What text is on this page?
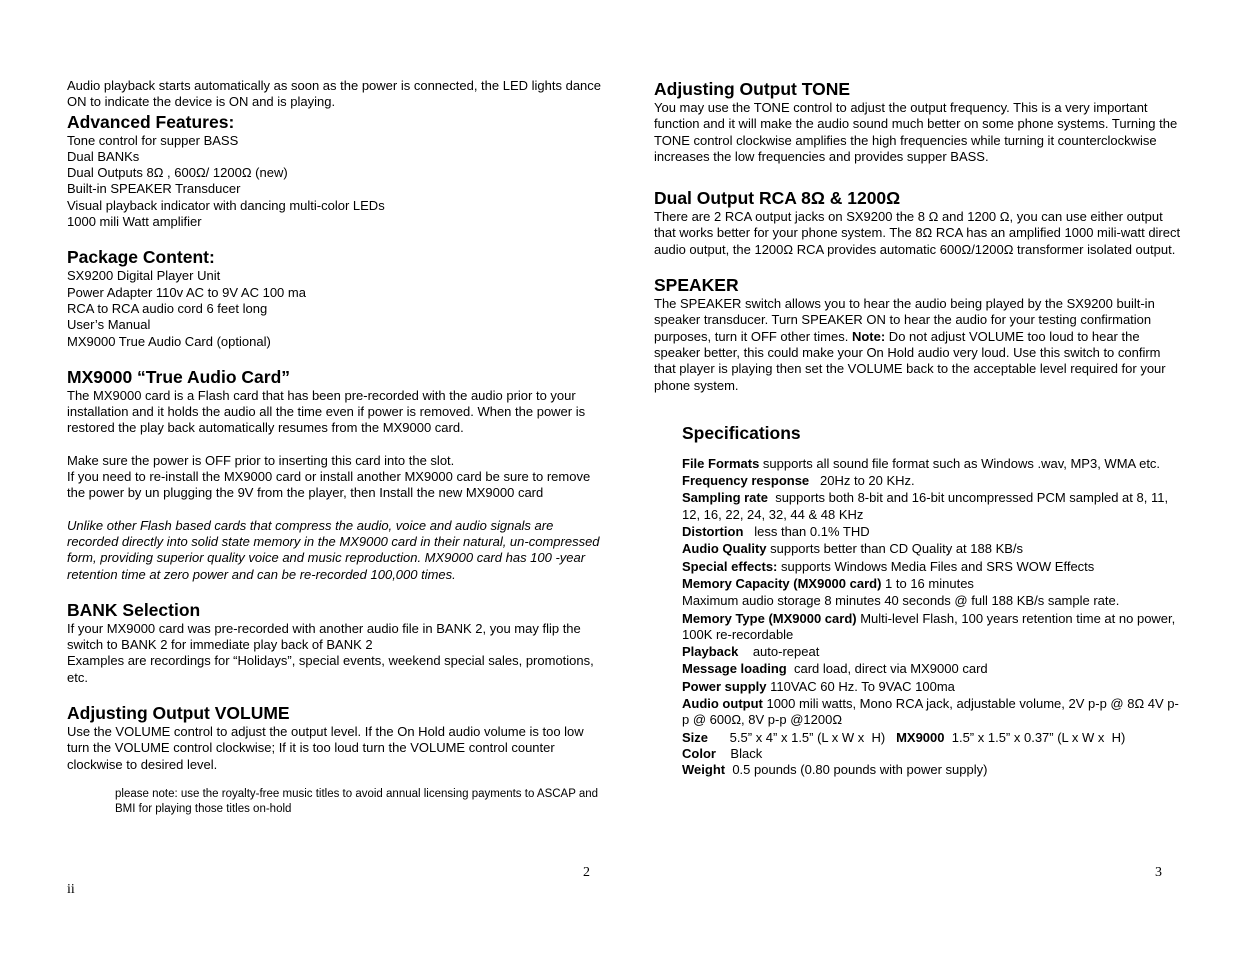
Audio playback starts automatically as soon as the power is connected, the LED lights dance ON to indicate the device is ON and is playing.

Advanced Features:

Tone control for supper BASS

Dual BANKs

Dual Outputs 8Ω , 600Ω/ 1200Ω (new)

Built-in SPEAKER Transducer

Visual playback indicator with dancing multi-color LEDs

1000 mili Watt amplifier

Package Content:

SX9200 Digital Player Unit

Power Adapter 110v AC to 9V AC 100 ma

RCA to RCA audio cord 6 feet long

User’s Manual

MX9000 True Audio Card (optional)

MX9000 “True Audio Card”

The MX9000 card is a Flash card that has been pre-recorded with the audio prior to your installation and it holds the audio all the time even if power is removed. When the power is restored the play back automatically resumes from the MX9000 card.

Make sure the power is OFF prior to inserting this card into the slot.

If you need to re-install the MX9000 card or install another MX9000 card be sure to remove the power by un plugging the 9V from the player, then Install the new MX9000 card

Unlike other Flash based cards that compress the audio, voice and audio signals are recorded directly into solid state memory in the MX9000 card in their natural, un-compressed form, providing superior quality voice and music reproduction. MX9000 card has 100 -year retention time at zero power and can be re-recorded 100,000 times.

BANK Selection

If your MX9000 card was pre-recorded with another audio file in BANK 2, you may flip the switch to BANK 2 for immediate play back of BANK 2

Examples are recordings for “Holidays”, special events, weekend special sales, promotions, etc.

Adjusting Output VOLUME

Use the VOLUME control to adjust the output level. If the On Hold audio volume is too low turn the VOLUME control clockwise; If it is too loud turn the VOLUME control counter clockwise to desired level.

please note: use the royalty-free music titles to avoid annual licensing payments to ASCAP and BMI for playing those titles on-hold

2
ii
Adjusting Output TONE

You may use the TONE control to adjust the output frequency. This is a very important function and it will make the audio sound much better on some phone systems. Turning the TONE control clockwise amplifies the high frequencies while turning it counterclockwise increases the low frequencies and provides supper BASS.

Dual Output RCA 8Ω & 1200Ω

There are 2 RCA output jacks on SX9200 the 8 Ω and 1200 Ω, you can use either output that works better for your phone system. The 8Ω RCA has an amplified 1000 mili-watt direct audio output, the 1200Ω RCA provides automatic 600Ω/1200Ω transformer isolated output.

SPEAKER

The SPEAKER switch allows you to hear the audio being played by the SX9200 built-in speaker transducer. Turn SPEAKER ON to hear the audio for your testing confirmation purposes, turn it OFF other times. Note: Do not adjust VOLUME too loud to hear the speaker better, this could make your On Hold audio very loud. Use this switch to confirm that player is playing then set the VOLUME back to the acceptable level required for your phone system.

Specifications

File Formats supports all sound file format such as Windows .wav, MP3, WMA etc.

Frequency response   20Hz to 20 KHz.

Sampling rate  supports both 8-bit and 16-bit uncompressed PCM sampled at 8, 11, 12, 16, 22, 24, 32, 44 & 48 KHz

Distortion   less than 0.1% THD

Audio Quality supports better than CD Quality at 188 KB/s

Special effects: supports Windows Media Files and SRS WOW Effects

Memory Capacity (MX9000 card) 1 to 16 minutes

Maximum audio storage 8 minutes 40 seconds @ full 188 KB/s sample rate.

Memory Type (MX9000 card) Multi-level Flash, 100 years retention time at no power, 100K re-recordable

Playback    auto-repeat

Message loading  card load, direct via MX9000 card

Power supply 110VAC 60 Hz. To 9VAC 100ma

Audio output 1000 mili watts, Mono RCA jack, adjustable volume, 2V p-p @ 8Ω 4V p-p @ 600Ω, 8V p-p @1200Ω

Size      5.5” x 4” x 1.5” (L x W x  H)   MX9000  1.5” x 1.5” x 0.37” (L x W x  H)

Color    Black

Weight  0.5 pounds (0.80 pounds with power supply)

3
